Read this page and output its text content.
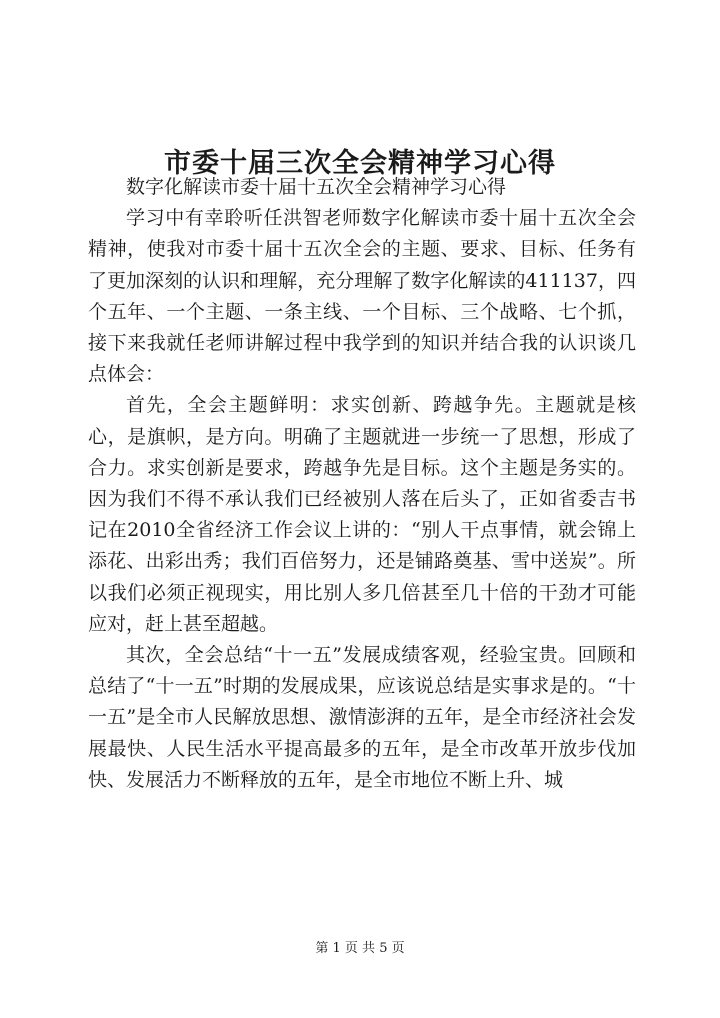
市委十届三次全会精神学习心得

数字化解读市委十届十五次全会精神学习心得

学习中有幸聆听任洪智老师数字化解读市委十届十五次全会精神，使我对市委十届十五次全会的主题、要求、目标、任务有了更加深刻的认识和理解，充分理解了数字化解读的411137，四个五年、一个主题、一条主线、一个目标、三个战略、七个抓，接下来我就任老师讲解过程中我学到的知识并结合我的认识谈几点体会：

首先，全会主题鲜明：求实创新、跨越争先。主题就是核心，是旗帜，是方向。明确了主题就进一步统一了思想，形成了合力。求实创新是要求，跨越争先是目标。这个主题是务实的。因为我们不得不承认我们已经被别人落在后头了，正如省委吉书记在2010全省经济工作会议上讲的：“别人干点事情，就会锦上添花、出彩出秀；我们百倍努力，还是铺路奠基、雪中送炭”。所以我们必须正视现实，用比别人多几倍甚至几十倍的干劲才可能应对，赶上甚至超越。

其次，全会总结“十一五”发展成绩客观，经验宝贵。回顾和总结了“十一五”时期的发展成果，应该说总结是实事求是的。“十一五”是全市人民解放思想、激情澎湃的五年，是全市经济社会发展最快、人民生活水平提高最多的五年，是全市改革开放步伐加快、发展活力不断释放的五年，是全市地位不断上升、城

第 1 页 共 5 页
